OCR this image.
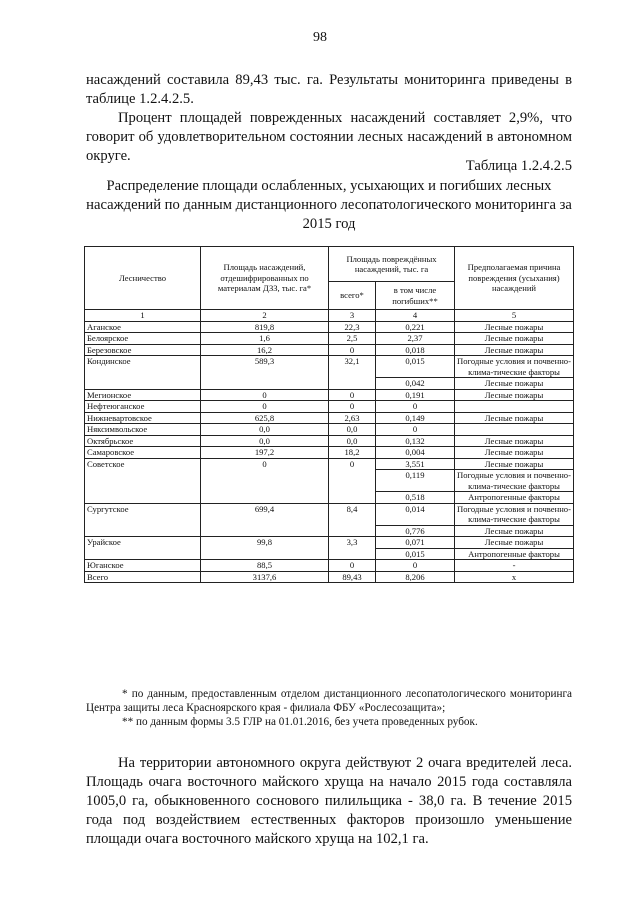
98
насаждений составила 89,43 тыс. га. Результаты мониторинга приведены в таблице 1.2.4.2.5.
Процент площадей поврежденных насаждений составляет 2,9%, что говорит об удовлетворительном состоянии лесных насаждений в автономном округе.
Таблица 1.2.4.2.5
Распределение площади ослабленных, усыхающих и погибших лесных насаждений по данным дистанционного лесопатологического мониторинга за 2015 год
Лесничество	Площадь насаждений, отдешифрированных по материалам ДЗЗ, тыс. га*	Площадь повреждённых насаждений, тыс. га		Предполагаемая причина повреждения (усыхания) насаждений
		всего*	в том числе погибших**	
1	2	3	4	5
Аганское	819,8	22,3	0,221	Лесные пожары
Белоярское	1,6	2,5	2,37	Лесные пожары
Березовское	16,2	0	0,018	Лесные пожары
Кондинское	589,3	32,1	0,015	Погодные условия и почвенно-клима-тические факторы
			0,042	Лесные пожары
Мегионское	0	0	0,191	Лесные пожары
Нефтеюганское	0	0	0	
Нижневартовское	625,8	2,63	0,149	Лесные пожары
Няксимвольское	0,0	0,0	0	
Октябрьское	0,0	0,0	0,132	Лесные пожары
Самаровское	197,2	18,2	0,004	Лесные пожары
Советское	0	0	3,551	Лесные пожары
			0,119	Погодные условия и почвенно-клима-тические факторы
			0,518	Антропогенные факторы
Сургутское	699,4	8,4	0,014	Погодные условия и почвенно-клима-тические факторы
			0,776	Лесные пожары
Урайское	99,8	3,3	0,071	Лесные пожары
			0,015	Антропогенные факторы
Юганское	88,5	0	0	-
Всего	3137,6	89,43	8,206	х
* по данным, предоставленным отделом дистанционного лесопатологического мониторинга Центра защиты леса Красноярского края - филиала ФБУ «Рослесозащита»;
** по данным формы 3.5 ГЛР на 01.01.2016, без учета проведенных рубок.
На территории автономного округа действуют 2 очага вредителей леса. Площадь очага восточного майского хруща на начало 2015 года составляла 1005,0 га, обыкновенного соснового пилильщика - 38,0 га. В течение 2015 года под воздействием естественных факторов произошло уменьшение площади очага восточного майского хруща на 102,1 га.
